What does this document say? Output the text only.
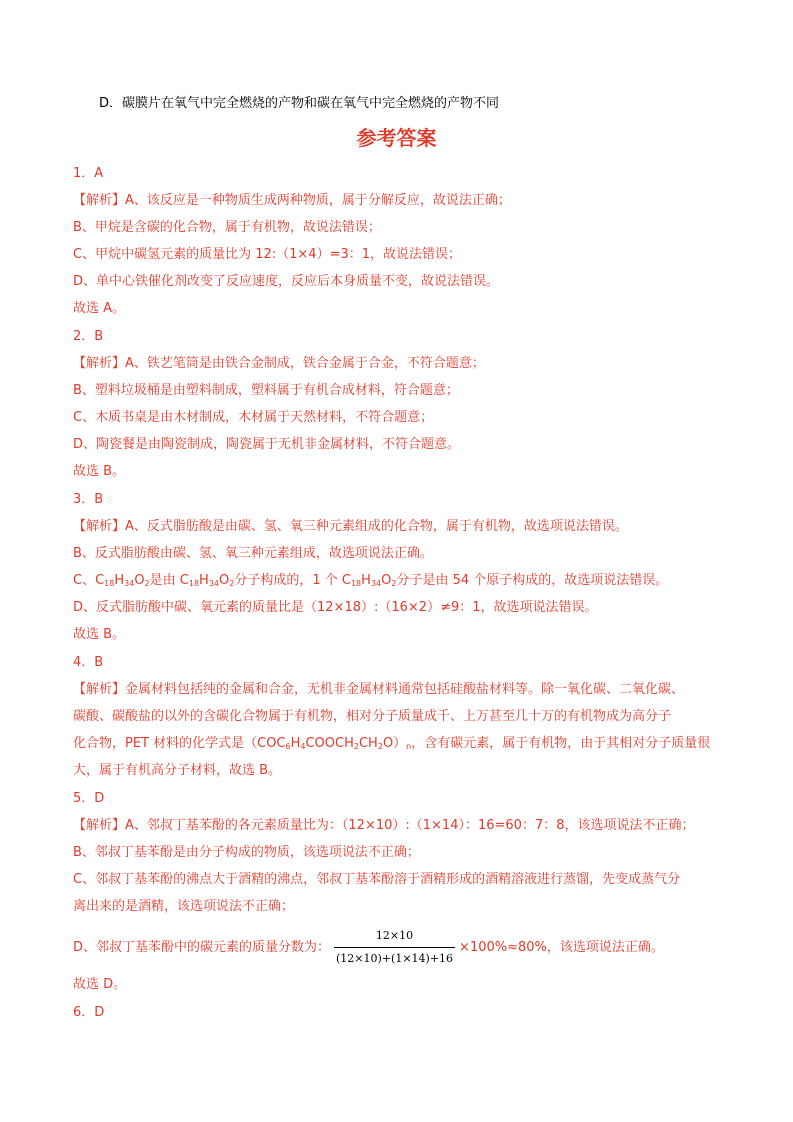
D．碳膜片在氧气中完全燃烧的产物和碳在氧气中完全燃烧的产物不同
参考答案
1．A
【解析】A、该反应是一种物质生成两种物质，属于分解反应，故说法正确；
B、甲烷是含碳的化合物，属于有机物，故说法错误；
C、甲烷中碳氢元素的质量比为 12:（1×4）=3：1，故说法错误；
D、单中心铁催化剂改变了反应速度，反应后本身质量不变，故说法错误。
故选 A。
2．B
【解析】A、铁艺笔筒是由铁合金制成，铁合金属于合金，不符合题意；
B、塑料垃圾桶是由塑料制成，塑料属于有机合成材料，符合题意；
C、木质书桌是由木材制成，木材属于天然材料，不符合题意；
D、陶瓷餐是由陶瓷制成，陶瓷属于无机非金属材料，不符合题意。
故选 B。
3．B
【解析】A、反式脂肪酸是由碳、氢、氧三种元素组成的化合物，属于有机物，故选项说法错误。
B、反式脂肪酸由碳、氢、氧三种元素组成，故选项说法正确。
C、$C_{18}H_{34}O_2$是由 $C_{18}H_{34}O_2$分子构成的，1 个 $C_{18}H_{34}O_2$分子是由 54 个原子构成的，故选项说法错误。
D、反式脂肪酸中碳、氧元素的质量比是（12×18）:（16×2）≠9：1，故选项说法错误。
故选 B。
4．B
【解析】金属材料包括纯的金属和合金，无机非金属材料通常包括硅酸盐材料等。除一氧化碳、二氧化碳、
碳酸、碳酸盐的以外的含碳化合物属于有机物，相对分子质量成千、上万甚至几十万的有机物成为高分子
化合物，PET 材料的化学式是$(COC_6H_4COOCH_2CH_2O)_n$，含有碳元素，属于有机物，由于其相对分子质量很
大，属于有机高分子材料，故选 B。
5．D
【解析】A、邻叔丁基苯酚的各元素质量比为：（12×10）:（1×14）：16=60：7：8，该选项说法不正确；
B、邻叔丁基苯酚是由分子构成的物质，该选项说法不正确；
C、邻叔丁基苯酚的沸点大于酒精的沸点，邻叔丁基苯酚溶于酒精形成的酒精溶液进行蒸馏，先变成蒸气分
离出来的是酒精，该选项说法不正确；
D、邻叔丁基苯酚中的碳元素的质量分数为： $\frac{12\times 10}{(12\times 10)+(1\times 14)+16} \times 100\%\approx 80\%$，该选项说法正确。
故选 D。
6．D
